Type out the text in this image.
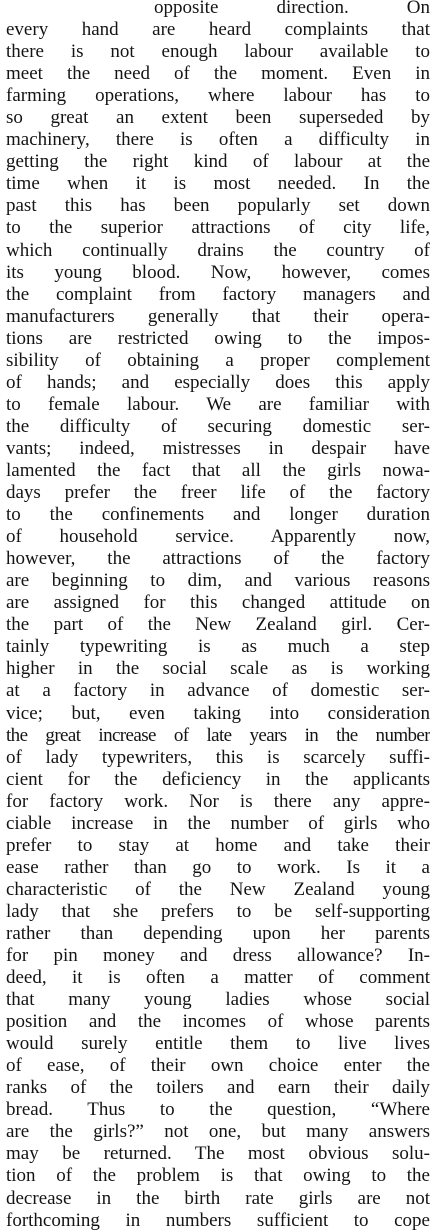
opposite direction. On
every hand are heard complaints that
there is not enough labour available to
meet the need of the moment. Even in
farming operations, where labour has to
so great an extent been superseded by
machinery, there is often a difficulty in
getting the right kind of labour at the
time when it is most needed. In the
past this has been popularly set down
to the superior attractions of city life,
which continually drains the country of
its young blood. Now, however, comes
the complaint from factory managers and
manufacturers generally that their opera-
tions are restricted owing to the impos-
sibility of obtaining a proper complement
of hands; and especially does this apply
to female labour. We are familiar with
the difficulty of securing domestic ser-
vants; indeed, mistresses in despair have
lamented the fact that all the girls nowa-
days prefer the freer life of the factory
to the confinements and longer duration
of household service. Apparently now,
however, the attractions of the factory
are beginning to dim, and various reasons
are assigned for this changed attitude on
the part of the New Zealand girl. Cer-
tainly typewriting is as much a step
higher in the social scale as is working
at a factory in advance of domestic ser-
vice; but, even taking into consideration
the great increase of late years in the number
of lady typewriters, this is scarcely suffi-
cient for the deficiency in the applicants
for factory work. Nor is there any appre-
ciable increase in the number of girls who
prefer to stay at home and take their
ease rather than go to work. Is it a
characteristic of the New Zealand young
lady that she prefers to be self-supporting
rather than depending upon her parents
for pin money and dress allowance? In-
deed, it is often a matter of comment
that many young ladies whose social
position and the incomes of whose parents
would surely entitle them to live lives
of ease, of their own choice enter the
ranks of the toilers and earn their daily
bread. Thus to the question, “Where
are the girls?” not one, but many answers
may be returned. The most obvious solu-
tion of the problem is that owing to the
decrease in the birth rate girls are not
forthcoming in numbers sufficient to cope
